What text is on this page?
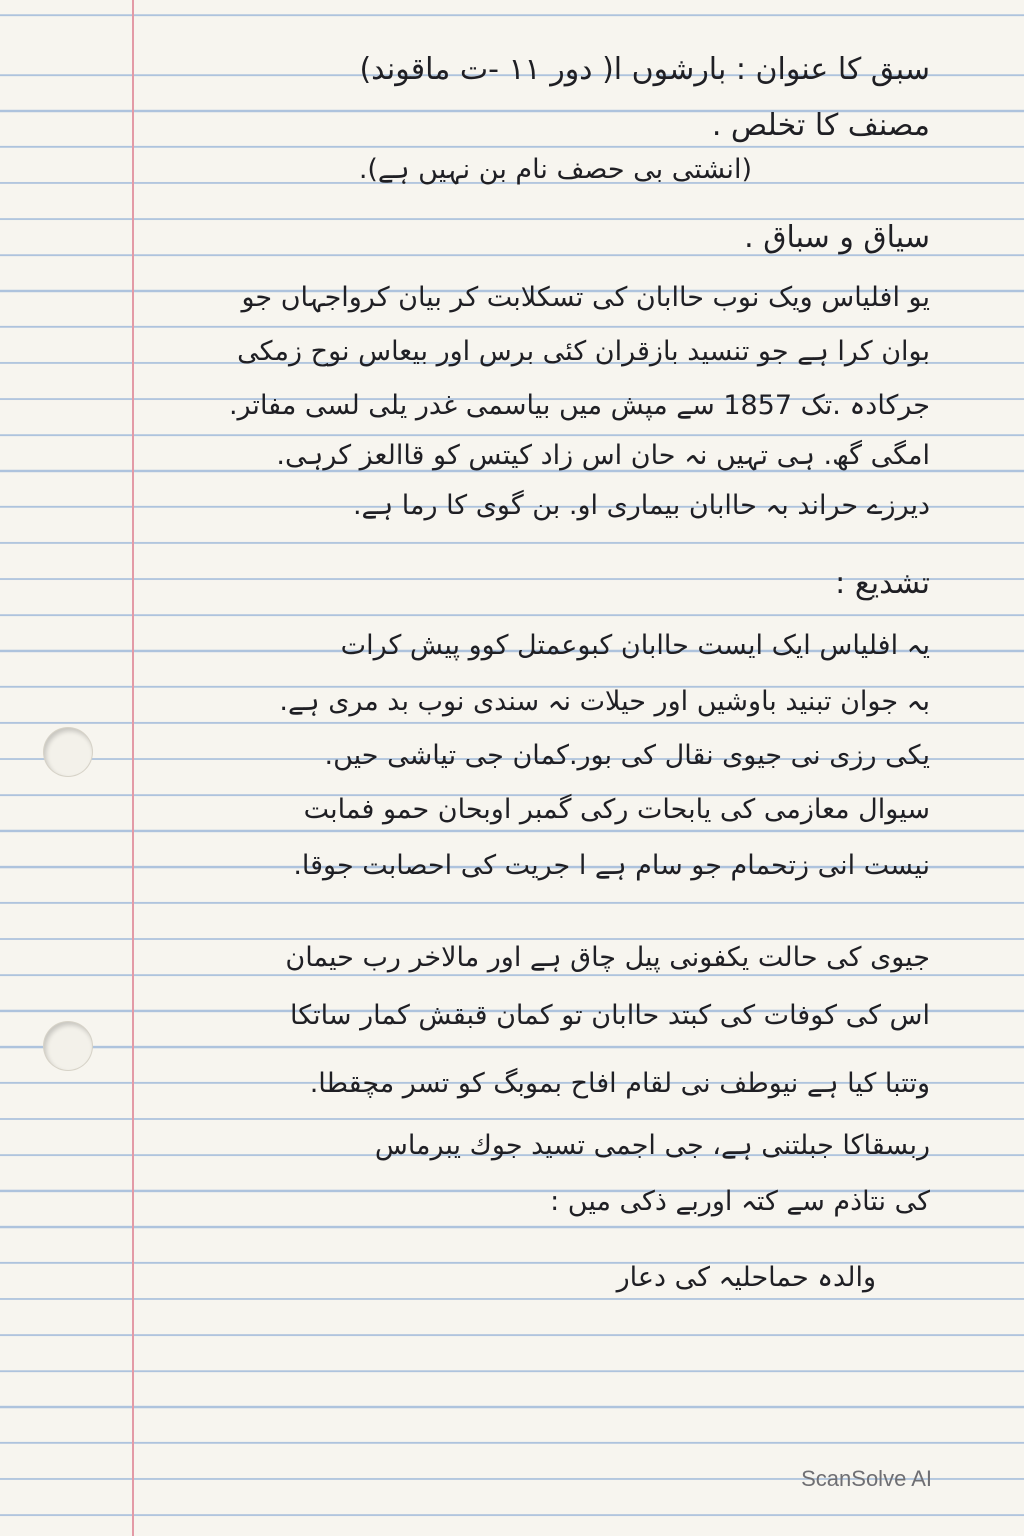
سبق کا عنوان : بارشوں ا( دور ۱۱ -ت ماقوند)
مصنف کا تخلص .
(انشتی بی حصف نام بن نہیں ہے).
سیاق و سباق .
یو افلیاس ویک نوب حاابان کی تسکلابت کر بیان کرواجہاں جو
بوان کرا ہے جو تنسید بازقران کئی برس اور بیعاس نوح زمکی
جرکادہ .تک 1857 سے مپش میں بیاسمی غدر یلی لسی مفاتر.
امگی گھ. ہی تہیں نہ حان اس زاد کیتس کو قاالعز کرہی.
دیرزے حراند بہ حاابان بیماری او. بن گوی کا رما ہے.
تشدیع :
یہ افلیاس ایک ایست حاابان کبوعمتل کوو پیش کرات
بہ جوان تبنید باوشیں اور حیلات نہ سندی نوب بد مری ہے.
یکی رزی نی جیوی نقال کی بور.کمان جی تیاشی حیں.
سیوال معازمی کی یابحات رکی گمبر اوبحان حمو فمابت
نیست انی زتحمام جو سام ہے ا جریت کی احصابت جوقا.
جیوی کی حالت یکفونی پیل چاق ہے اور مالاخر رب حیمان
اس کی کوفات کی کبتد حاابان تو کمان قبقش کمار ساتکا
وتتبا کیا ہے نیوطف نی لقام افاح بموبگ کو تسر مچقطا.
ربسقاکا جبلتنی ہے، جی اجمی تسید جوك یبرماس
کی نتاذم سے کتہ اوربے ذکی میں :
والدہ حماحلیہ کی دعار
ScanSolve AI
